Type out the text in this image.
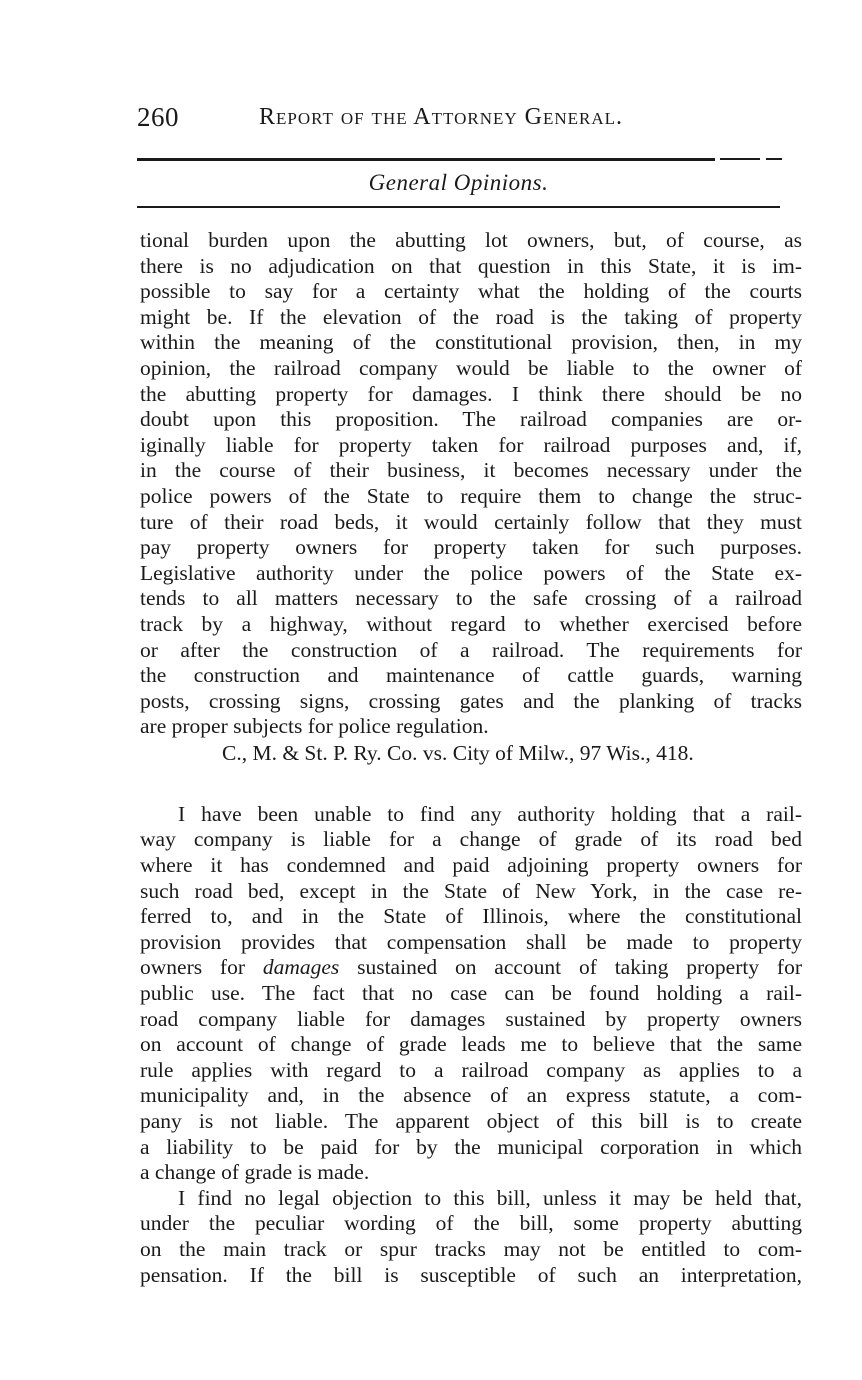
260	Report of the Attorney General.
General Opinions.
tional burden upon the abutting lot owners, but, of course, as
there is no adjudication on that question in this State, it is im-
possible to say for a certainty what the holding of the courts
might be. If the elevation of the road is the taking of property
within the meaning of the constitutional provision, then, in my
opinion, the railroad company would be liable to the owner of
the abutting property for damages. I think there should be no
doubt upon this proposition. The railroad companies are or-
iginally liable for property taken for railroad purposes and, if,
in the course of their business, it becomes necessary under the
police powers of the State to require them to change the struc-
ture of their road beds, it would certainly follow that they must
pay property owners for property taken for such purposes.
Legislative authority under the police powers of the State ex-
tends to all matters necessary to the safe crossing of a railroad
track by a highway, without regard to whether exercised before
or after the construction of a railroad. The requirements for
the construction and maintenance of cattle guards, warning
posts, crossing signs, crossing gates and the planking of tracks
are proper subjects for police regulation.
C., M. & St. P. Ry. Co. vs. City of Milw., 97 Wis., 418.
I have been unable to find any authority holding that a rail-
way company is liable for a change of grade of its road bed
where it has condemned and paid adjoining property owners for
such road bed, except in the State of New York, in the case re-
ferred to, and in the State of Illinois, where the constitutional
provision provides that compensation shall be made to property
owners for damages sustained on account of taking property for
public use. The fact that no case can be found holding a rail-
road company liable for damages sustained by property owners
on account of change of grade leads me to believe that the same
rule applies with regard to a railroad company as applies to a
municipality and, in the absence of an express statute, a com-
pany is not liable. The apparent object of this bill is to create
a liability to be paid for by the municipal corporation in which
a change of grade is made.
I find no legal objection to this bill, unless it may be held that,
under the peculiar wording of the bill, some property abutting
on the main track or spur tracks may not be entitled to com-
pensation. If the bill is susceptible of such an interpretation,
